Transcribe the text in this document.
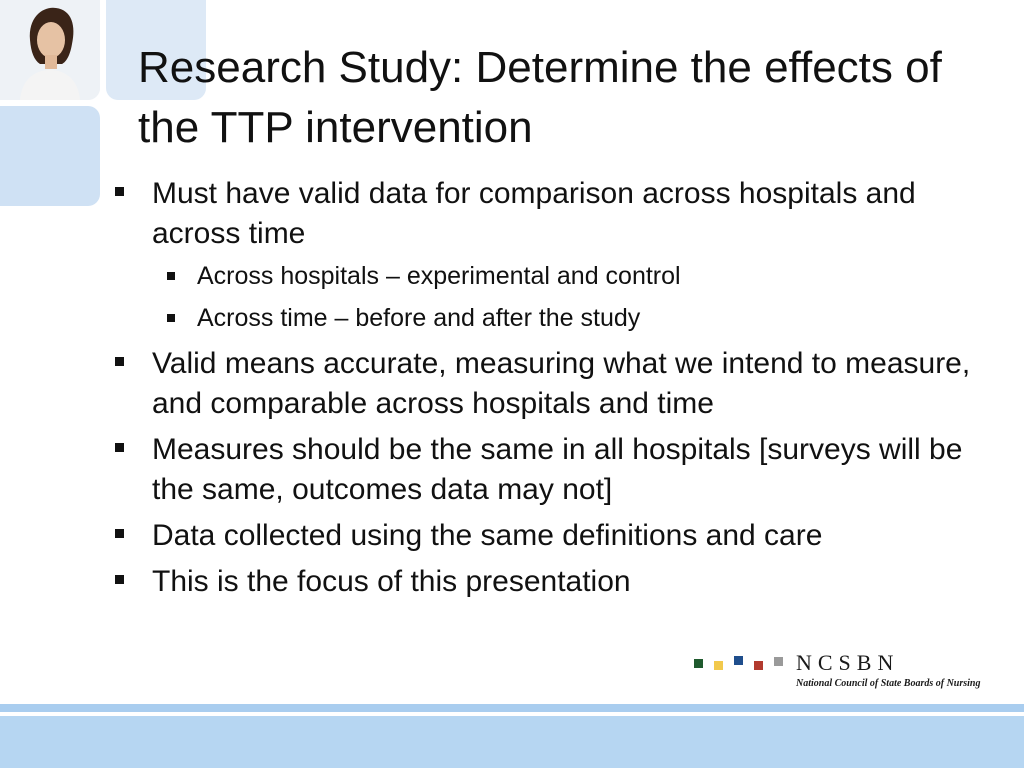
Research Study: Determine the effects of the TTP intervention
Must have valid data for comparison across hospitals and across time
Across hospitals – experimental and control
Across time – before and after the study
Valid means accurate, measuring what we intend to measure, and comparable across hospitals and time
Measures should be the same in all hospitals [surveys will be the same, outcomes data may not]
Data collected using the same definitions and care
This is the focus of this presentation
NCSBN
National Council of State Boards of Nursing
